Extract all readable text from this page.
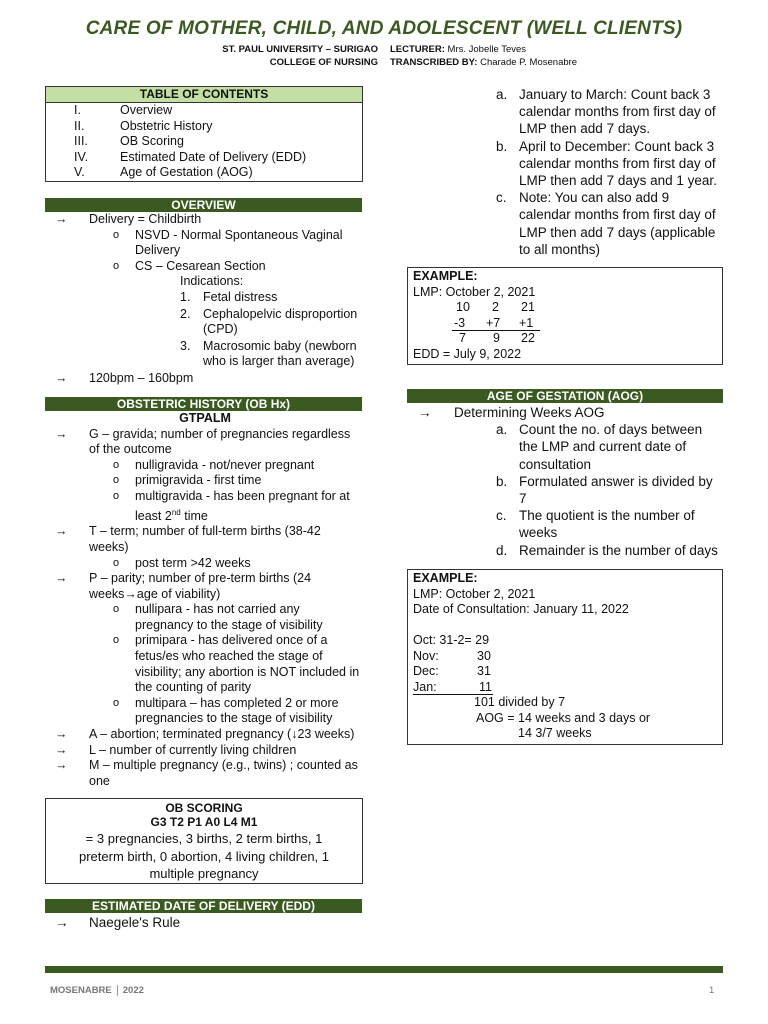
CARE OF MOTHER, CHILD, AND ADOLESCENT (WELL CLIENTS)
ST. PAUL UNIVERSITY – SURIGAO
COLLEGE OF NURSING
LECTURER: Mrs. Jobelle Teves
TRANSCRIBED BY: Charade P. Mosenabre
TABLE OF CONTENTS
I.	Overview
II.	Obstetric History
III.	OB Scoring
IV.	Estimated Date of Delivery (EDD)
V.	Age of Gestation (AOG)
OVERVIEW
→ Delivery = Childbirth
o NSVD - Normal Spontaneous Vaginal
Delivery
o CS – Cesarean Section
Indications:
1. Fetal distress
2. Cephalopelvic disproportion
(CPD)
3. Macrosomic baby (newborn
who is larger than average)
→ 120bpm – 160bpm
OBSTETRIC HISTORY (OB Hx)
GTPALM
→ G – gravida; number of pregnancies regardless
of the outcome
o nulligravida - not/never pregnant
o primigravida - first time
o multigravida - has been pregnant for at
least 2nd time
→ T – term; number of full-term births (38-42
weeks)
o post term >42 weeks
→ P – parity; number of pre-term births (24
weeks→age of viability)
o nullipara - has not carried any
pregnancy to the stage of visibility
o primipara - has delivered once of a
fetus/es who reached the stage of
visibility; any abortion is NOT included in
the counting of parity
o multipara – has completed 2 or more
pregnancies to the stage of visibility
→ A – abortion; terminated pregnancy (↓23 weeks)
→ L – number of currently living children
→ M – multiple pregnancy (e.g., twins) ; counted as
one
OB SCORING
G3 T2 P1 A0 L4 M1
= 3 pregnancies, 3 births, 2 term births, 1
preterm birth, 0 abortion, 4 living children, 1
multiple pregnancy
ESTIMATED DATE OF DELIVERY (EDD)
→ Naegele's Rule
a. January to March: Count back 3
calendar months from first day of
LMP then add 7 days.
b. April to December: Count back 3
calendar months from first day of
LMP then add 7 days and 1 year.
c. Note: You can also add 9
calendar months from first day of
LMP then add 7 days (applicable
to all months)
EXAMPLE:
LMP: October 2, 2021
10 2 21
-3 +7 +1
7 9 22
EDD = July 9, 2022
AGE OF GESTATION (AOG)
→ Determining Weeks AOG
a. Count the no. of days between
the LMP and current date of
consultation
b. Formulated answer is divided by
7
c. The quotient is the number of
weeks
d. Remainder is the number of days
EXAMPLE:
LMP: October 2, 2021
Date of Consultation: January 11, 2022
Oct: 31-2= 29
Nov:	30
Dec:	31
Jan:	11
101 divided by 7
AOG = 14 weeks and 3 days or
14 3/7 weeks
MOSENABRE 2022	1
